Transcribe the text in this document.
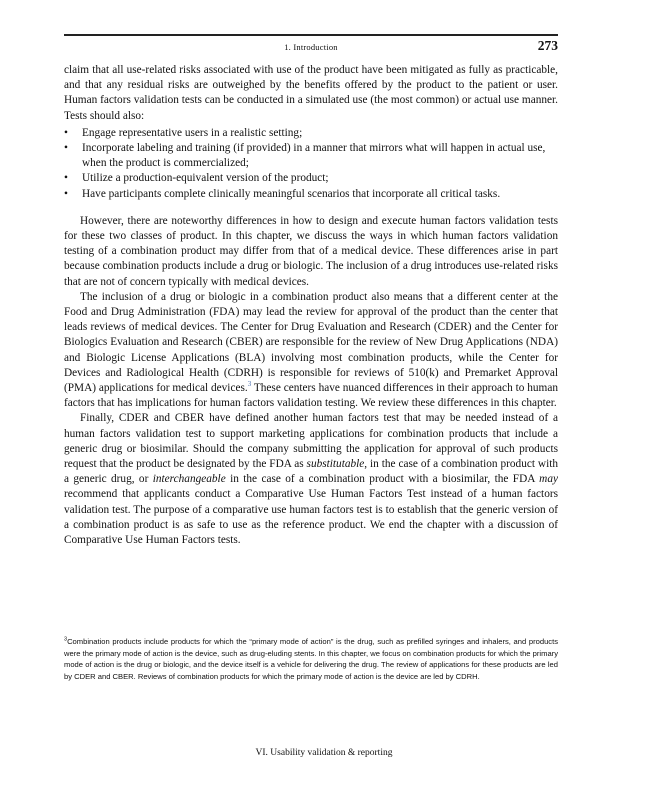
1. Introduction	273

claim that all use-related risks associated with use of the product have been mitigated as fully as practicable, and that any residual risks are outweighed by the benefits offered by the product to the patient or user. Human factors validation tests can be conducted in a simulated use (the most common) or actual use manner. Tests should also:

• Engage representative users in a realistic setting;
• Incorporate labeling and training (if provided) in a manner that mirrors what will happen in actual use, when the product is commercialized;
• Utilize a production-equivalent version of the product;
• Have participants complete clinically meaningful scenarios that incorporate all critical tasks.

However, there are noteworthy differences in how to design and execute human factors validation tests for these two classes of product. In this chapter, we discuss the ways in which human factors validation testing of a combination product may differ from that of a medical device. These differences arise in part because combination products include a drug or biologic. The inclusion of a drug introduces use-related risks that are not of concern typically with medical devices.

The inclusion of a drug or biologic in a combination product also means that a different center at the Food and Drug Administration (FDA) may lead the review for approval of the product than the center that leads reviews of medical devices. The Center for Drug Evaluation and Research (CDER) and the Center for Biologics Evaluation and Research (CBER) are responsible for the review of New Drug Applications (NDA) and Biologic License Applications (BLA) involving most combination products, while the Center for Devices and Radiological Health (CDRH) is responsible for reviews of 510(k) and Premarket Approval (PMA) applications for medical devices.$^3$ These centers have nuanced differences in their approach to human factors that has implications for human factors validation testing. We review these differences in this chapter.

Finally, CDER and CBER have defined another human factors test that may be needed instead of a human factors validation test to support marketing applications for combination products that include a generic drug or biosimilar. Should the company submitting the application for approval of such products request that the product be designated by the FDA as substitutable, in the case of a combination product with a generic drug, or interchangeable in the case of a combination product with a biosimilar, the FDA may recommend that applicants conduct a Comparative Use Human Factors Test instead of a human factors validation test. The purpose of a comparative use human factors test is to establish that the generic version of a combination product is as safe to use as the reference product. We end the chapter with a discussion of Comparative Use Human Factors tests.

$^3$Combination products include products for which the “primary mode of action” is the drug, such as prefilled syringes and inhalers, and products were the primary mode of action is the device, such as drug-eluding stents. In this chapter, we focus on combination products for which the primary mode of action is the drug or biologic, and the device itself is a vehicle for delivering the drug. The review of applications for these products are led by CDER and CBER. Reviews of combination products for which the primary mode of action is the device are led by CDRH.
VI. Usability validation & reporting
